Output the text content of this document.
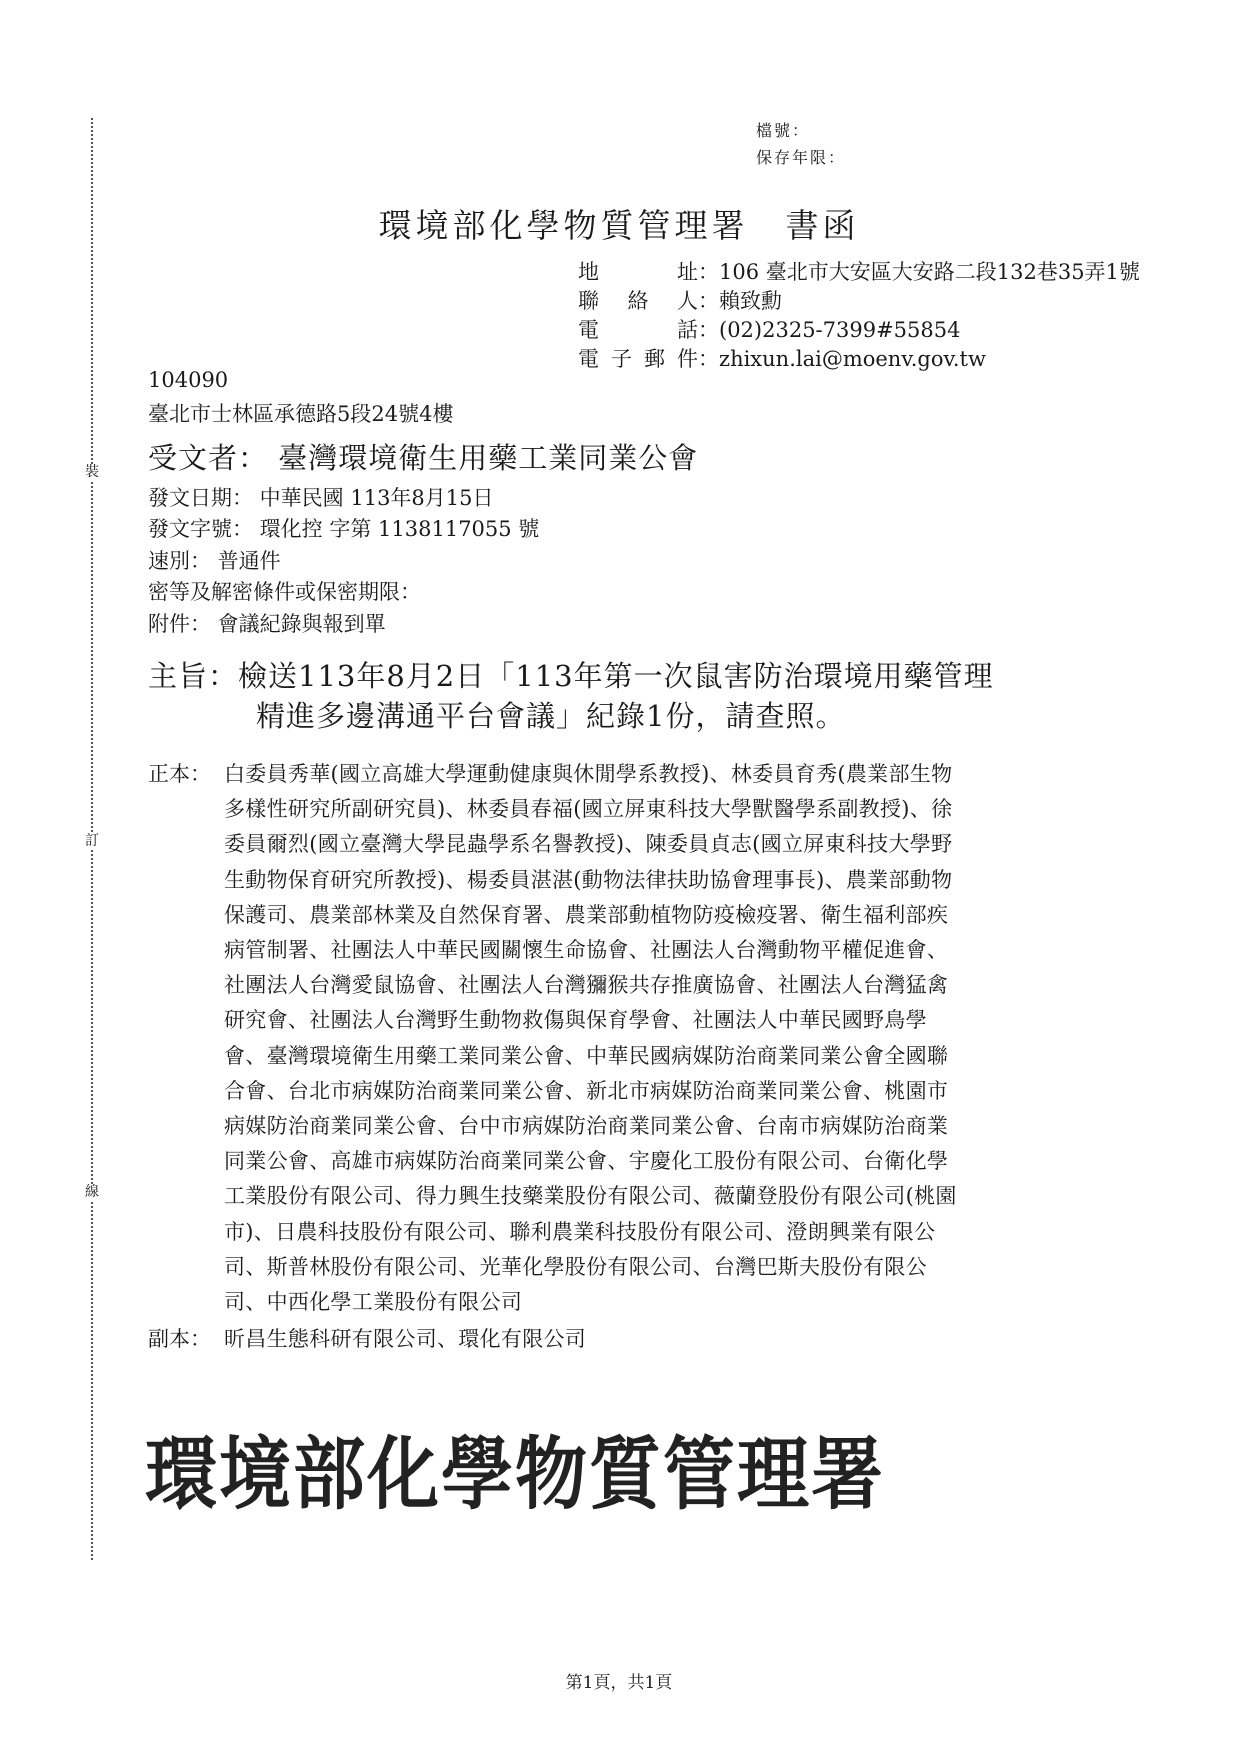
裝
訂
線
檔號：
保存年限：
環境部化學物質管理署　書函
地　址：106 臺北市大安區大安路二段132巷35弄1號
聯絡人：賴致勳
電　話：(02)2325-7399#55854
電子郵件：zhixun.lai@moenv.gov.tw
104090
臺北市士林區承德路5段24號4樓
受文者： 臺灣環境衛生用藥工業同業公會
發文日期： 中華民國 113年8月15日
發文字號： 環化控 字第 1138117055 號
速別： 普通件
密等及解密條件或保密期限：
附件： 會議紀錄與報到單
主旨：檢送113年8月2日「113年第一次鼠害防治環境用藥管理
精進多邊溝通平台會議」紀錄1份，請查照。
正本： 白委員秀華(國立高雄大學運動健康與休閒學系教授)、林委員育秀(農業部生物
多樣性研究所副研究員)、林委員春福(國立屏東科技大學獸醫學系副教授)、徐
委員爾烈(國立臺灣大學昆蟲學系名譽教授)、陳委員貞志(國立屏東科技大學野
生動物保育研究所教授)、楊委員湛湛(動物法律扶助協會理事長)、農業部動物
保護司、農業部林業及自然保育署、農業部動植物防疫檢疫署、衛生福利部疾
病管制署、社團法人中華民國關懷生命協會、社團法人台灣動物平權促進會、
社團法人台灣愛鼠協會、社團法人台灣獼猴共存推廣協會、社團法人台灣猛禽
研究會、社團法人台灣野生動物救傷與保育學會、社團法人中華民國野鳥學
會、臺灣環境衛生用藥工業同業公會、中華民國病媒防治商業同業公會全國聯
合會、台北市病媒防治商業同業公會、新北市病媒防治商業同業公會、桃園市
病媒防治商業同業公會、台中市病媒防治商業同業公會、台南市病媒防治商業
同業公會、高雄市病媒防治商業同業公會、宇慶化工股份有限公司、台衛化學
工業股份有限公司、得力興生技藥業股份有限公司、薇蘭登股份有限公司(桃園
市)、日農科技股份有限公司、聯利農業科技股份有限公司、澄朗興業有限公
司、斯普林股份有限公司、光華化學股份有限公司、台灣巴斯夫股份有限公
司、中西化學工業股份有限公司
副本： 昕昌生態科研有限公司、環化有限公司
環境部化學物質管理署
第1頁，共1頁
